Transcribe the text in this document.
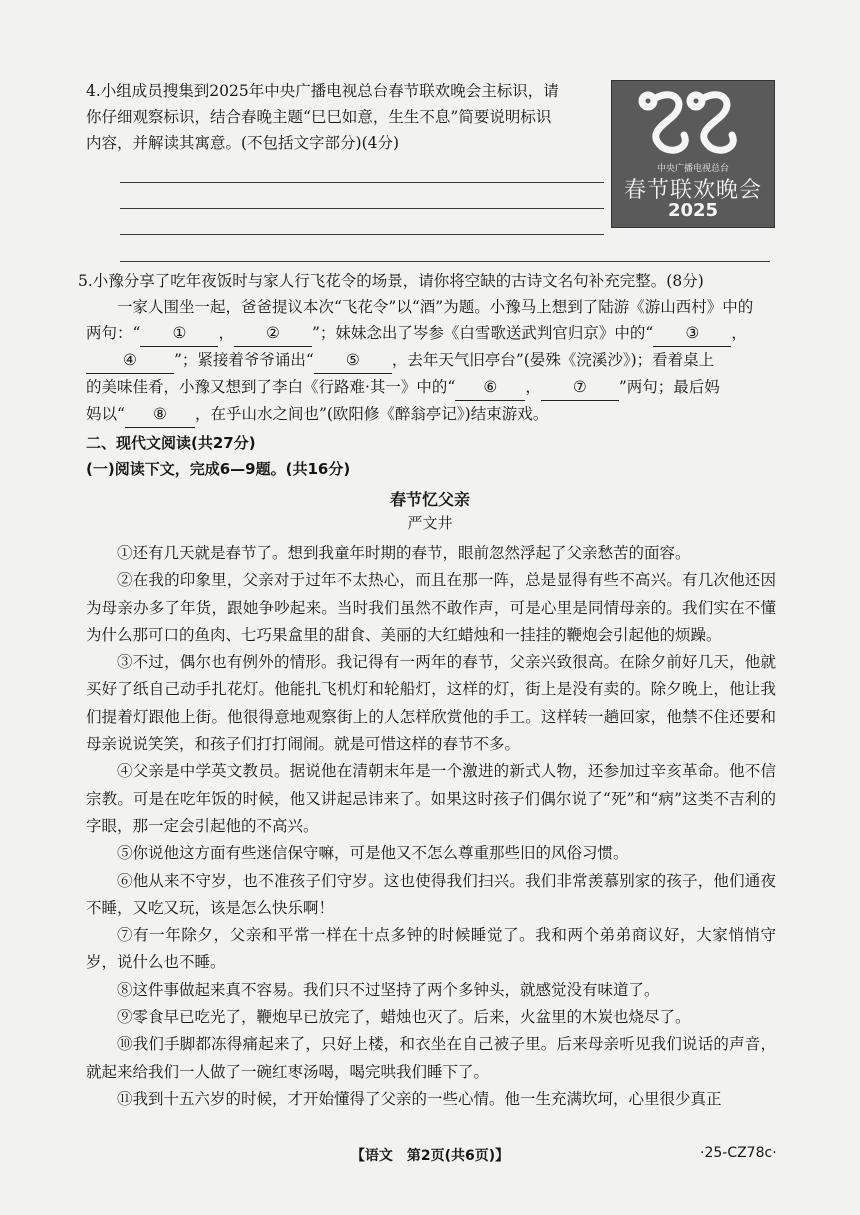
4.小组成员搜集到2025年中央广播电视总台春节联欢晚会主标识，请
你仔细观察标识，结合春晚主题“巳巳如意，生生不息”简要说明标识
内容，并解读其寓意。(不包括文字部分)(4分)
中央广播电视总台
春节联欢晚会
2025
5.小豫分享了吃年夜饭时与家人行飞花令的场景，请你将空缺的古诗文名句补充完整。(8分)
一家人围坐一起，爸爸提议本次“飞花令”以“酒”为题。小豫马上想到了陆游《游山西村》中的
两句：“ ① ， ② ”；妹妹念出了岑参《白雪歌送武判官归京》中的“ ③ ，
④ ”；紧接着爷爷诵出“ ⑤ ，去年天气旧亭台”(晏殊《浣溪沙》)；看着桌上
的美味佳肴，小豫又想到了李白《行路难·其一》中的“ ⑥ ， ⑦ ”两句；最后妈
妈以“ ⑧ ，在乎山水之间也”(欧阳修《醉翁亭记》)结束游戏。
二、现代文阅读(共27分)
(一)阅读下文，完成6—9题。(共16分)
春节忆父亲
严文井

①还有几天就是春节了。想到我童年时期的春节，眼前忽然浮起了父亲愁苦的面容。

②在我的印象里，父亲对于过年不太热心，而且在那一阵，总是显得有些不高兴。有几次他还因为母亲办多了年货，跟她争吵起来。当时我们虽然不敢作声，可是心里是同情母亲的。我们实在不懂为什么那可口的鱼肉、七巧果盒里的甜食、美丽的大红蜡烛和一挂挂的鞭炮会引起他的烦躁。

③不过，偶尔也有例外的情形。我记得有一两年的春节，父亲兴致很高。在除夕前好几天，他就买好了纸自己动手扎花灯。他能扎飞机灯和轮船灯，这样的灯，街上是没有卖的。除夕晚上，他让我们提着灯跟他上街。他很得意地观察街上的人怎样欣赏他的手工。这样转一趟回家，他禁不住还要和母亲说说笑笑，和孩子们打打闹闹。就是可惜这样的春节不多。

④父亲是中学英文教员。据说他在清朝末年是一个激进的新式人物，还参加过辛亥革命。他不信宗教。可是在吃年饭的时候，他又讲起忌讳来了。如果这时孩子们偶尔说了“死”和“病”这类不吉利的字眼，那一定会引起他的不高兴。

⑤你说他这方面有些迷信保守嘛，可是他又不怎么尊重那些旧的风俗习惯。

⑥他从来不守岁，也不准孩子们守岁。这也使得我们扫兴。我们非常羡慕别家的孩子，他们通夜不睡，又吃又玩，该是怎么快乐啊！

⑦有一年除夕，父亲和平常一样在十点多钟的时候睡觉了。我和两个弟弟商议好，大家悄悄守岁，说什么也不睡。

⑧这件事做起来真不容易。我们只不过坚持了两个多钟头，就感觉没有味道了。

⑨零食早已吃光了，鞭炮早已放完了，蜡烛也灭了。后来，火盆里的木炭也烧尽了。

⑩我们手脚都冻得痛起来了，只好上楼，和衣坐在自己被子里。后来母亲听见我们说话的声音，就起来给我们一人做了一碗红枣汤喝，喝完哄我们睡下了。

⑪我到十五六岁的时候，才开始懂得了父亲的一些心情。他一生充满坎坷，心里很少真正

【语文　第2页(共6页)】	·25-CZ78c·
